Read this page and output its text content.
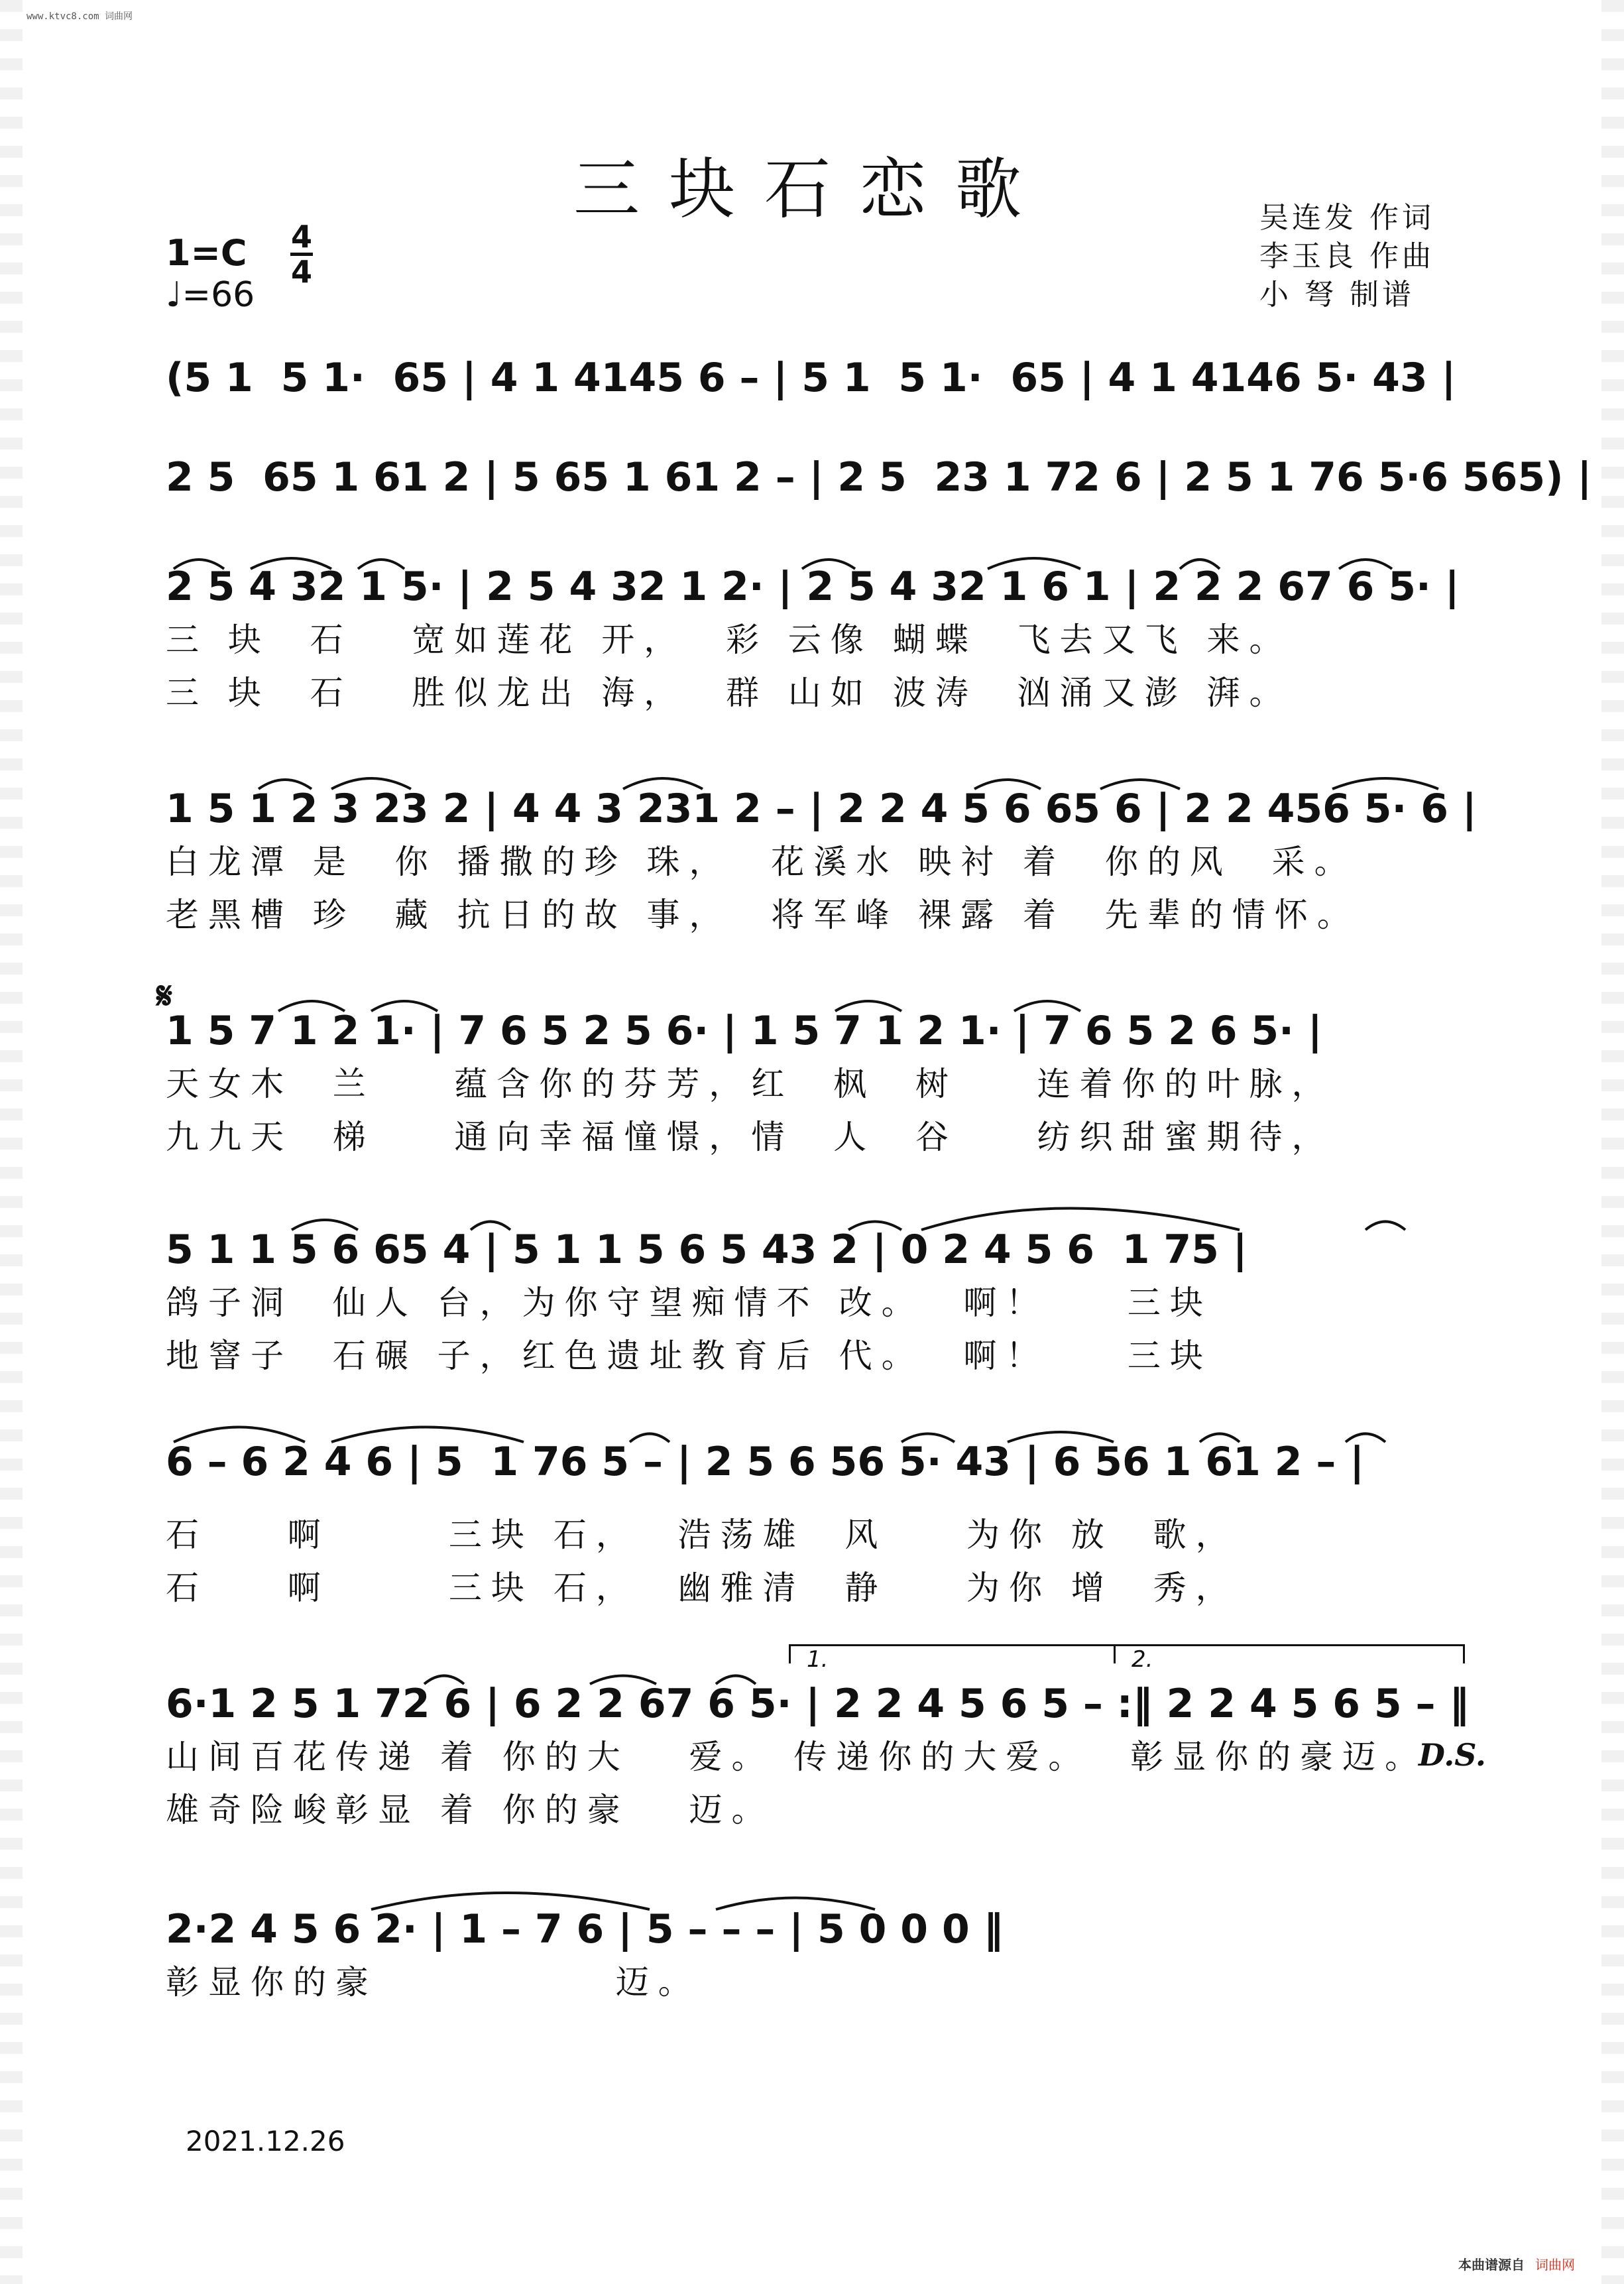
www.ktvc8.com 词曲网
三块石恋歌	吴连发 作词
李玉良 作曲
小 弩 制谱
1=C 4
4
♩=66
𝄋
(5 1  5 1·  65 | 4 1 4145 6 – | 5 1  5 1·  65 | 4 1 4146 5· 43 |
2 5  65 1 61 2 | 5 65 1 61 2 – | 2 5  23 1 72 6 | 2 5 1 76 5·6 565) |
2 5 4 32 1 5· | 2 5 4 32 1 2· | 2 5 4 32 1 6 1 | 2 2 2 67 6 5· |
三 块  石   宽如莲花 开，  彩 云像 蝴蝶  飞去又飞 来。
三 块  石   胜似龙出 海，  群 山如 波涛  汹涌又澎 湃。
1 5 1 2 3 23 2 | 4 4 3 231 2 – | 2 2 4 5 6 65 6 | 2 2 456 5· 6 |
白龙潭 是  你 播撒的珍 珠，  花溪水 映衬 着  你的风  采。
老黑槽 珍  藏 抗日的故 事，  将军峰 裸露 着  先辈的情怀。
1 5 7 1 2 1· | 7 6 5 2 5 6· | 1 5 7 1 2 1· | 7 6 5 2 6 5· |
天女木  兰    蕴含你的芬芳，红  枫  树    连着你的叶脉，
九九天  梯    通向幸福憧憬，情  人  谷    纺织甜蜜期待，
5 1 1 5 6 65 4 | 5 1 1 5 6 5 43 2 | 0 2 4 5 6  1 75 |
鸽子洞  仙人 台，为你守望痴情不 改。  啊！    三块
地窨子  石碾 子，红色遗址教育后 代。  啊！    三块
6 – 6 2 4 6 | 5  1 76 5 – | 2 5 6 56 5· 43 | 6 56 1 61 2 – |
石    啊      三块 石，  浩荡雄  风    为你 放  歌，
石    啊      三块 石，  幽雅清  静    为你 增  秀，
1.	2.
6·1 2 5 1 72 6 | 6 2 2 67 6 5· | 2 2 4 5 6 5 – :‖ 2 2 4 5 6 5 – ‖
山间百花传递 着 你的大   爱。 传递你的大爱。  彰显你的豪迈。
雄奇险峻彰显 着 你的豪   迈。
D.S.
2·2 4 5 6 2· | 1 – 7 6 | 5 – – – | 5 0 0 0 ‖
彰显你的豪            迈。
2021.12.26
本曲谱源自 词曲网
